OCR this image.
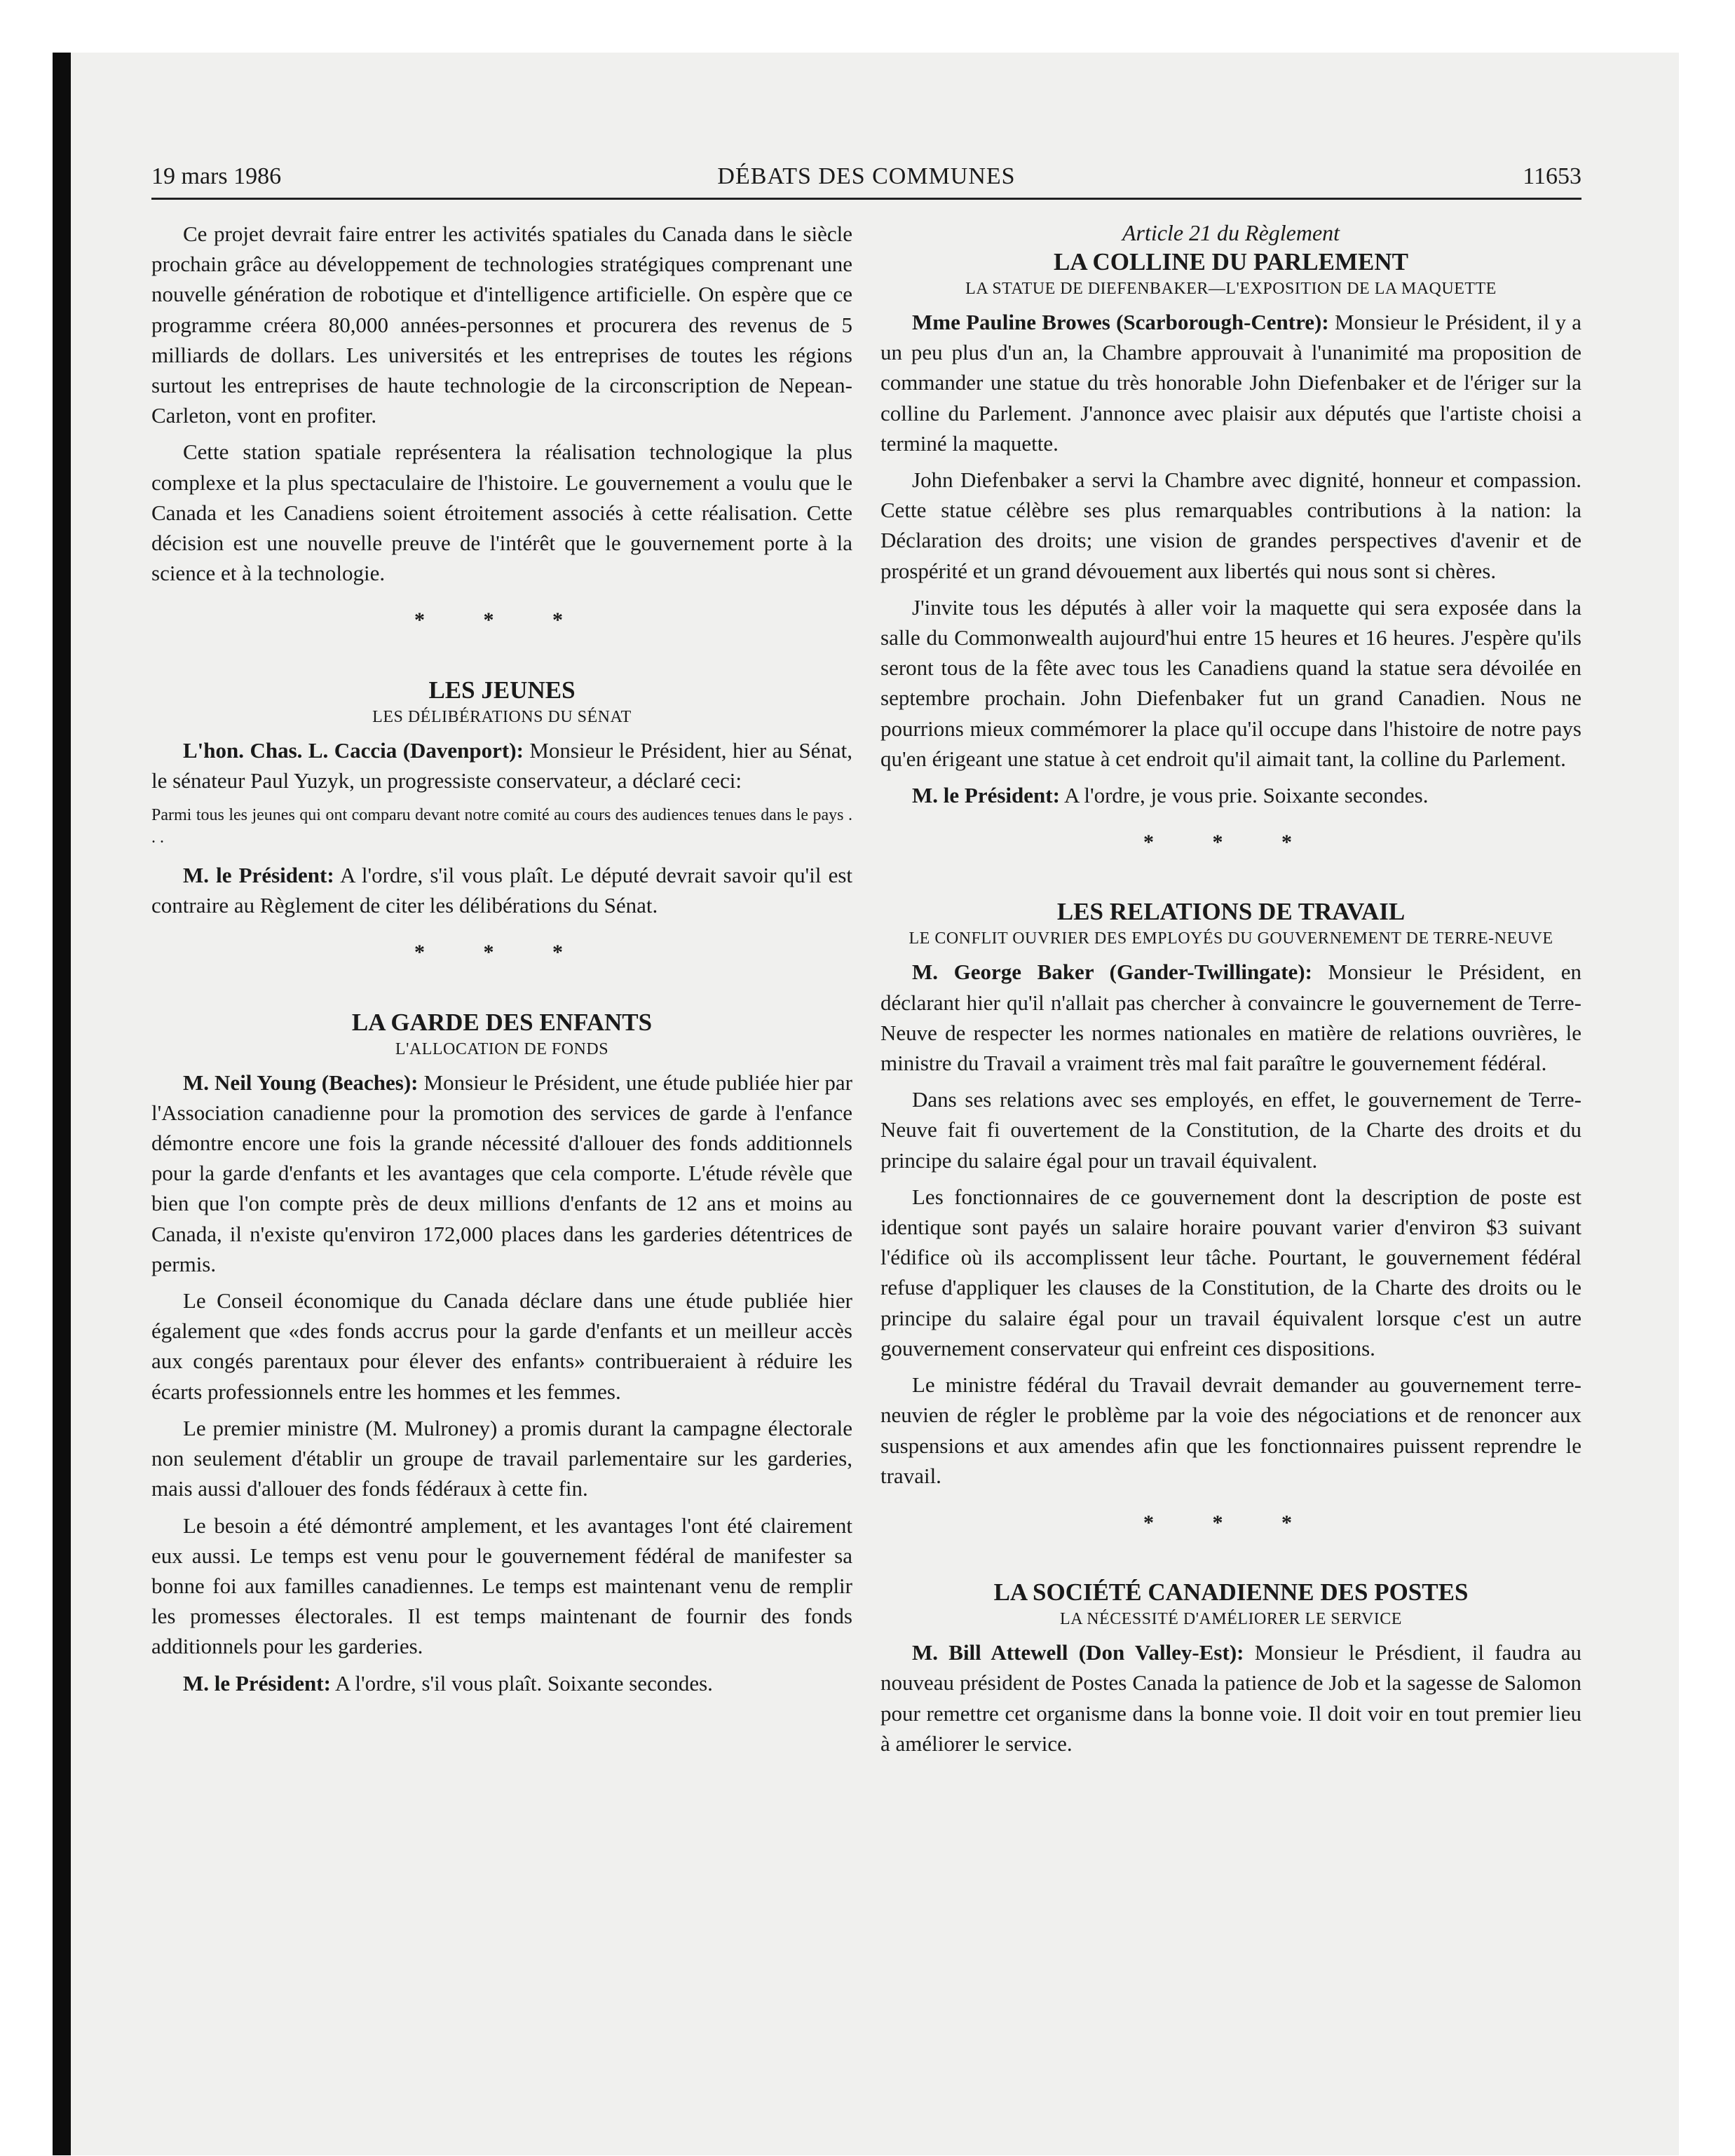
DÉBATS DES COMMUNES
19 mars 1986	11653

Ce projet devrait faire entrer les activités spatiales du Canada dans le siècle prochain grâce au développement de technologies stratégiques comprenant une nouvelle génération de robotique et d'intelligence artificielle. On espère que ce programme créera 80,000 années-personnes et procurera des revenus de 5 milliards de dollars. Les universités et les entreprises de toutes les régions surtout les entreprises de haute technologie de la circonscription de Nepean-Carleton, vont en profiter.

Cette station spatiale représentera la réalisation technologique la plus complexe et la plus spectaculaire de l'histoire. Le gouvernement a voulu que le Canada et les Canadiens soient étroitement associés à cette réalisation. Cette décision est une nouvelle preuve de l'intérêt que le gouvernement porte à la science et à la technologie.

* * *
LES JEUNES
LES DÉLIBÉRATIONS DU SÉNAT

L'hon. Chas. L. Caccia (Davenport): Monsieur le Président, hier au Sénat, le sénateur Paul Yuzyk, un progressiste conservateur, a déclaré ceci:

Parmi tous les jeunes qui ont comparu devant notre comité au cours des audiences tenues dans le pays . . .

M. le Président: A l'ordre, s'il vous plaît. Le député devrait savoir qu'il est contraire au Règlement de citer les délibérations du Sénat.

* * *
LA GARDE DES ENFANTS
L'ALLOCATION DE FONDS

M. Neil Young (Beaches): Monsieur le Président, une étude publiée hier par l'Association canadienne pour la promotion des services de garde à l'enfance démontre encore une fois la grande nécessité d'allouer des fonds additionnels pour la garde d'enfants et les avantages que cela comporte. L'étude révèle que bien que l'on compte près de deux millions d'enfants de 12 ans et moins au Canada, il n'existe qu'environ 172,000 places dans les garderies détentrices de permis.

Le Conseil économique du Canada déclare dans une étude publiée hier également que «des fonds accrus pour la garde d'enfants et un meilleur accès aux congés parentaux pour élever des enfants» contribueraient à réduire les écarts professionnels entre les hommes et les femmes.

Le premier ministre (M. Mulroney) a promis durant la campagne électorale non seulement d'établir un groupe de travail parlementaire sur les garderies, mais aussi d'allouer des fonds fédéraux à cette fin.

Le besoin a été démontré amplement, et les avantages l'ont été clairement eux aussi. Le temps est venu pour le gouvernement fédéral de manifester sa bonne foi aux familles canadiennes. Le temps est maintenant venu de remplir les promesses électorales. Il est temps maintenant de fournir des fonds additionnels pour les garderies.

M. le Président: A l'ordre, s'il vous plaît. Soixante secondes.

Article 21 du Règlement
LA COLLINE DU PARLEMENT
LA STATUE DE DIEFENBAKER—L'EXPOSITION DE LA MAQUETTE

Mme Pauline Browes (Scarborough-Centre): Monsieur le Président, il y a un peu plus d'un an, la Chambre approuvait à l'unanimité ma proposition de commander une statue du très honorable John Diefenbaker et de l'ériger sur la colline du Parlement. J'annonce avec plaisir aux députés que l'artiste choisi a terminé la maquette.

John Diefenbaker a servi la Chambre avec dignité, honneur et compassion. Cette statue célèbre ses plus remarquables contributions à la nation: la Déclaration des droits; une vision de grandes perspectives d'avenir et de prospérité et un grand dévouement aux libertés qui nous sont si chères.

J'invite tous les députés à aller voir la maquette qui sera exposée dans la salle du Commonwealth aujourd'hui entre 15 heures et 16 heures. J'espère qu'ils seront tous de la fête avec tous les Canadiens quand la statue sera dévoilée en septembre prochain. John Diefenbaker fut un grand Canadien. Nous ne pourrions mieux commémorer la place qu'il occupe dans l'histoire de notre pays qu'en érigeant une statue à cet endroit qu'il aimait tant, la colline du Parlement.

M. le Président: A l'ordre, je vous prie. Soixante secondes.

* * *
LES RELATIONS DE TRAVAIL
LE CONFLIT OUVRIER DES EMPLOYÉS DU GOUVERNEMENT DE TERRE-NEUVE

M. George Baker (Gander-Twillingate): Monsieur le Président, en déclarant hier qu'il n'allait pas chercher à convaincre le gouvernement de Terre-Neuve de respecter les normes nationales en matière de relations ouvrières, le ministre du Travail a vraiment très mal fait paraître le gouvernement fédéral.

Dans ses relations avec ses employés, en effet, le gouvernement de Terre-Neuve fait fi ouvertement de la Constitution, de la Charte des droits et du principe du salaire égal pour un travail équivalent.

Les fonctionnaires de ce gouvernement dont la description de poste est identique sont payés un salaire horaire pouvant varier d'environ $3 suivant l'édifice où ils accomplissent leur tâche. Pourtant, le gouvernement fédéral refuse d'appliquer les clauses de la Constitution, de la Charte des droits ou le principe du salaire égal pour un travail équivalent lorsque c'est un autre gouvernement conservateur qui enfreint ces dispositions.

Le ministre fédéral du Travail devrait demander au gouvernement terre-neuvien de régler le problème par la voie des négociations et de renoncer aux suspensions et aux amendes afin que les fonctionnaires puissent reprendre le travail.

* * *
LA SOCIÉTÉ CANADIENNE DES POSTES
LA NÉCESSITÉ D'AMÉLIORER LE SERVICE

M. Bill Attewell (Don Valley-Est): Monsieur le Présdient, il faudra au nouveau président de Postes Canada la patience de Job et la sagesse de Salomon pour remettre cet organisme dans la bonne voie. Il doit voir en tout premier lieu à améliorer le service.
